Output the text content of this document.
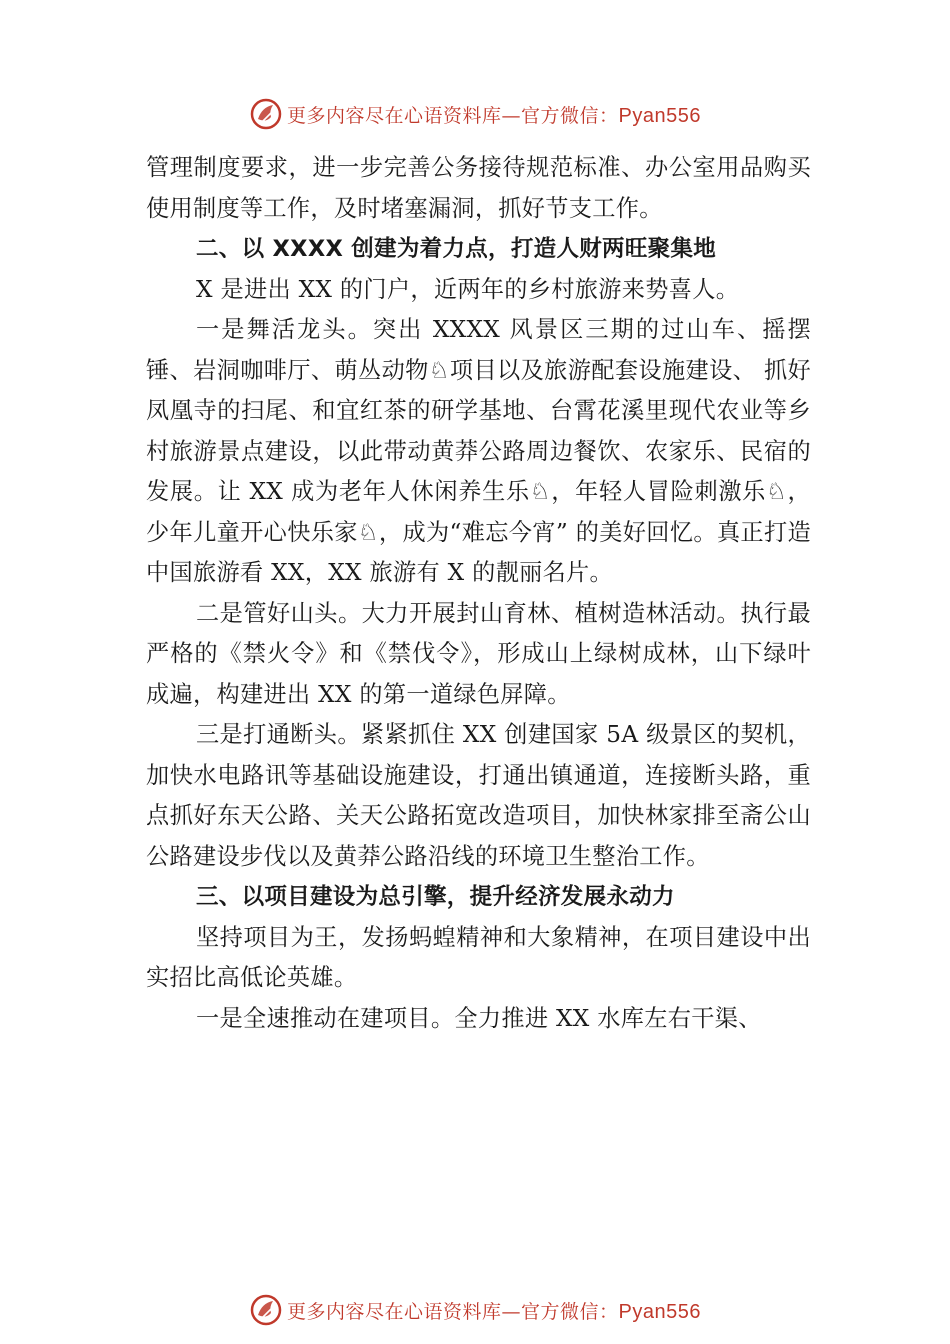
更多内容尽在心语资料库—官方微信：Pyan556

管理制度要求，进一步完善公务接待规范标准、办公室用品购买使用制度等工作，及时堵塞漏洞，抓好节支工作。

二、以 XXXX 创建为着力点，打造人财两旺聚集地

X 是进出 XX 的门户，近两年的乡村旅游来势喜人。

一是舞活龙头。突出 XXXX 风景区三期的过山车、摇摆锤、岩洞咖啡厅、萌丛动物♘项目以及旅游配套设施建设、 抓好凤凰寺的扫尾、和宜红茶的研学基地、台霄花溪里现代农业等乡村旅游景点建设，以此带动黄莽公路周边餐饮、农家乐、民宿的发展。让 XX 成为老年人休闲养生乐♘，年轻人冒险刺激乐♘，少年儿童开心快乐家♘，成为“难忘今宵” 的美好回忆。真正打造中国旅游看 XX，XX 旅游有 X 的靓丽名片。

二是管好山头。大力开展封山育林、植树造林活动。执行最严格的《禁火令》和《禁伐令》，形成山上绿树成林，山下绿叶成遍，构建进出 XX 的第一道绿色屏障。

三是打通断头。紧紧抓住 XX 创建国家 5A 级景区的契机，加快水电路讯等基础设施建设，打通出镇通道，连接断头路，重点抓好东天公路、关天公路拓宽改造项目，加快林家排至斋公山公路建设步伐以及黄莽公路沿线的环境卫生整治工作。

三、以项目建设为总引擎，提升经济发展永动力

坚持项目为王，发扬蚂蝗精神和大象精神，在项目建设中出实招比高低论英雄。

一是全速推动在建项目。全力推进 XX 水库左右干渠、

更多内容尽在心语资料库—官方微信：Pyan556
